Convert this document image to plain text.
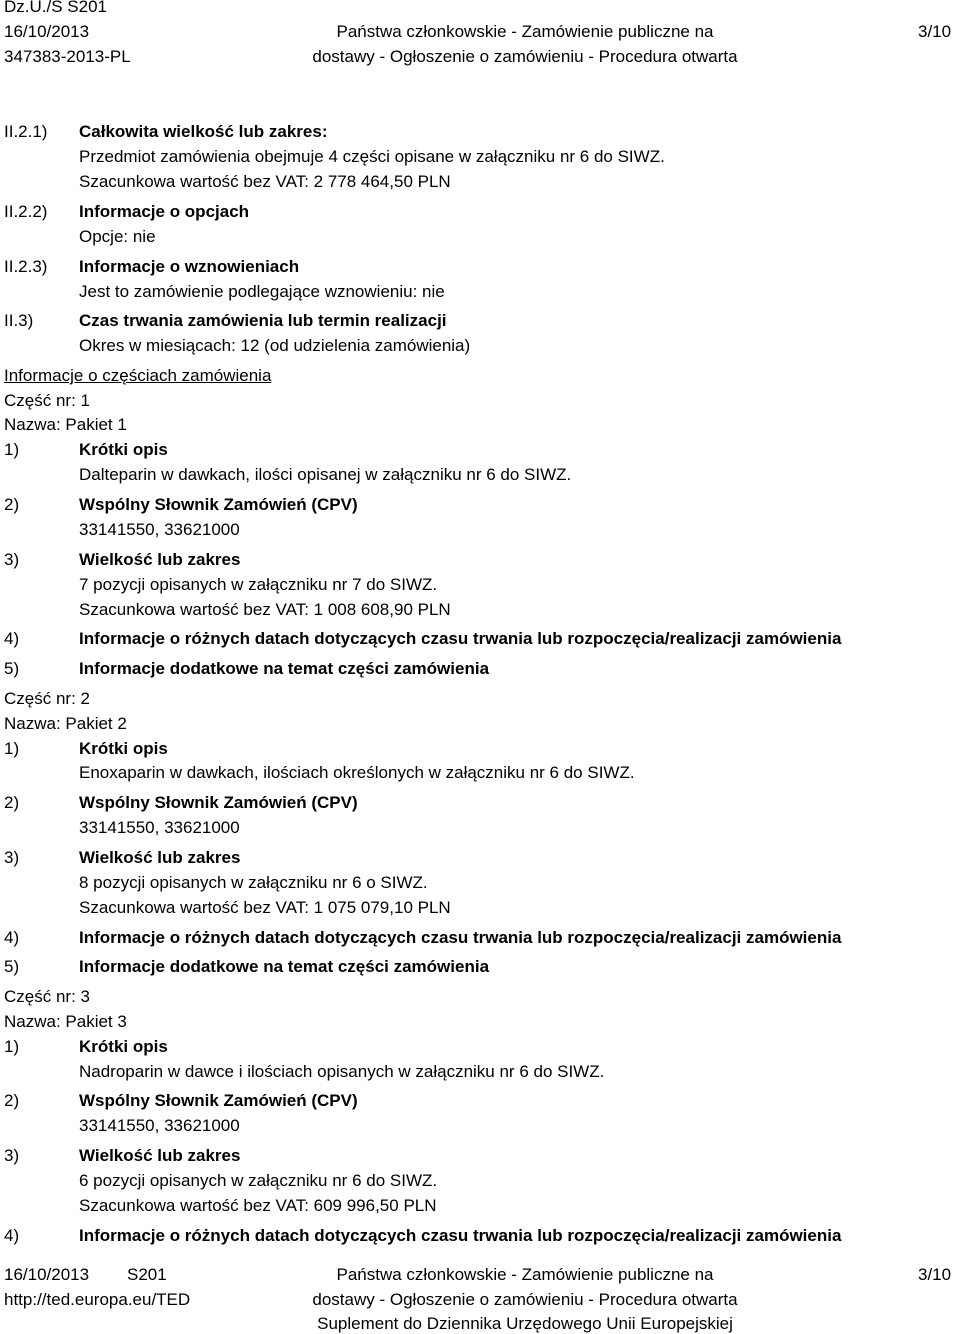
Dz.U./S S201
16/10/2013
347383-2013-PL
Państwa członkowskie - Zamówienie publiczne na
dostawy - Ogłoszenie o zamówieniu - Procedura otwarta
3/10
II.2.1) Całkowita wielkość lub zakres:
Przedmiot zamówienia obejmuje 4 części opisane w załączniku nr 6 do SIWZ.
Szacunkowa wartość bez VAT: 2 778 464,50 PLN
II.2.2) Informacje o opcjach
Opcje: nie
II.2.3) Informacje o wznowieniach
Jest to zamówienie podlegające wznowieniu: nie
II.3)	Czas trwania zamówienia lub termin realizacji
Okres w miesiącach: 12 (od udzielenia zamówienia)
Informacje o częściach zamówienia
Część nr: 1
Nazwa: Pakiet 1
1)	Krótki opis
Dalteparin w dawkach, ilości opisanej w załączniku nr 6 do SIWZ.
2)	Wspólny Słownik Zamówień (CPV)
33141550, 33621000
3)	Wielkość lub zakres
7 pozycji opisanych w załączniku nr 7 do SIWZ.
Szacunkowa wartość bez VAT: 1 008 608,90 PLN
4)	Informacje o różnych datach dotyczących czasu trwania lub rozpoczęcia/realizacji zamówienia
5)	Informacje dodatkowe na temat części zamówienia
Część nr: 2
Nazwa: Pakiet 2
1)	Krótki opis
Enoxaparin w dawkach, ilościach określonych w załączniku nr 6 do SIWZ.
2)	Wspólny Słownik Zamówień (CPV)
33141550, 33621000
3)	Wielkość lub zakres
8 pozycji opisanych w załączniku nr 6 o SIWZ.
Szacunkowa wartość bez VAT: 1 075 079,10 PLN
4)	Informacje o różnych datach dotyczących czasu trwania lub rozpoczęcia/realizacji zamówienia
5)	Informacje dodatkowe na temat części zamówienia
Część nr: 3
Nazwa: Pakiet 3
1)	Krótki opis
Nadroparin w dawce i ilościach opisanych w załączniku nr 6 do SIWZ.
2)	Wspólny Słownik Zamówień (CPV)
33141550, 33621000
3)	Wielkość lub zakres
6 pozycji opisanych w załączniku nr 6 do SIWZ.
Szacunkowa wartość bez VAT: 609 996,50 PLN
4)	Informacje o różnych datach dotyczących czasu trwania lub rozpoczęcia/realizacji zamówienia
16/10/2013 S201
http://ted.europa.eu/TED
Państwa członkowskie - Zamówienie publiczne na
dostawy - Ogłoszenie o zamówieniu - Procedura otwarta
Suplement do Dziennika Urzędowego Unii Europejskiej
3/10
